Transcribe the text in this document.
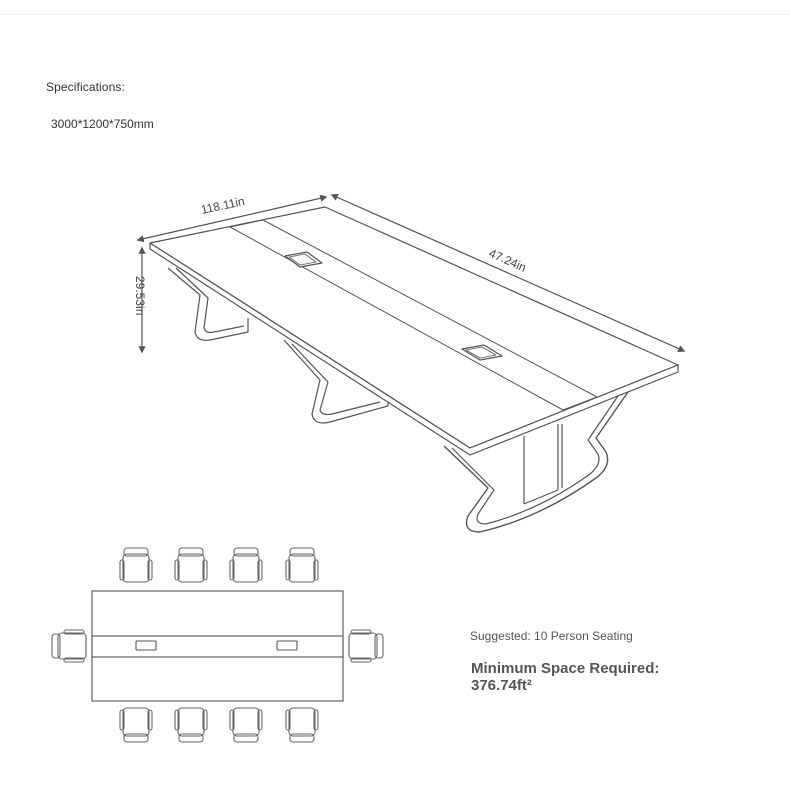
Specifications:
3000*1200*750mm
118.11in
47.24in
29.53in
Suggested: 10 Person Seating
Minimum Space Required:
376.74ft²
